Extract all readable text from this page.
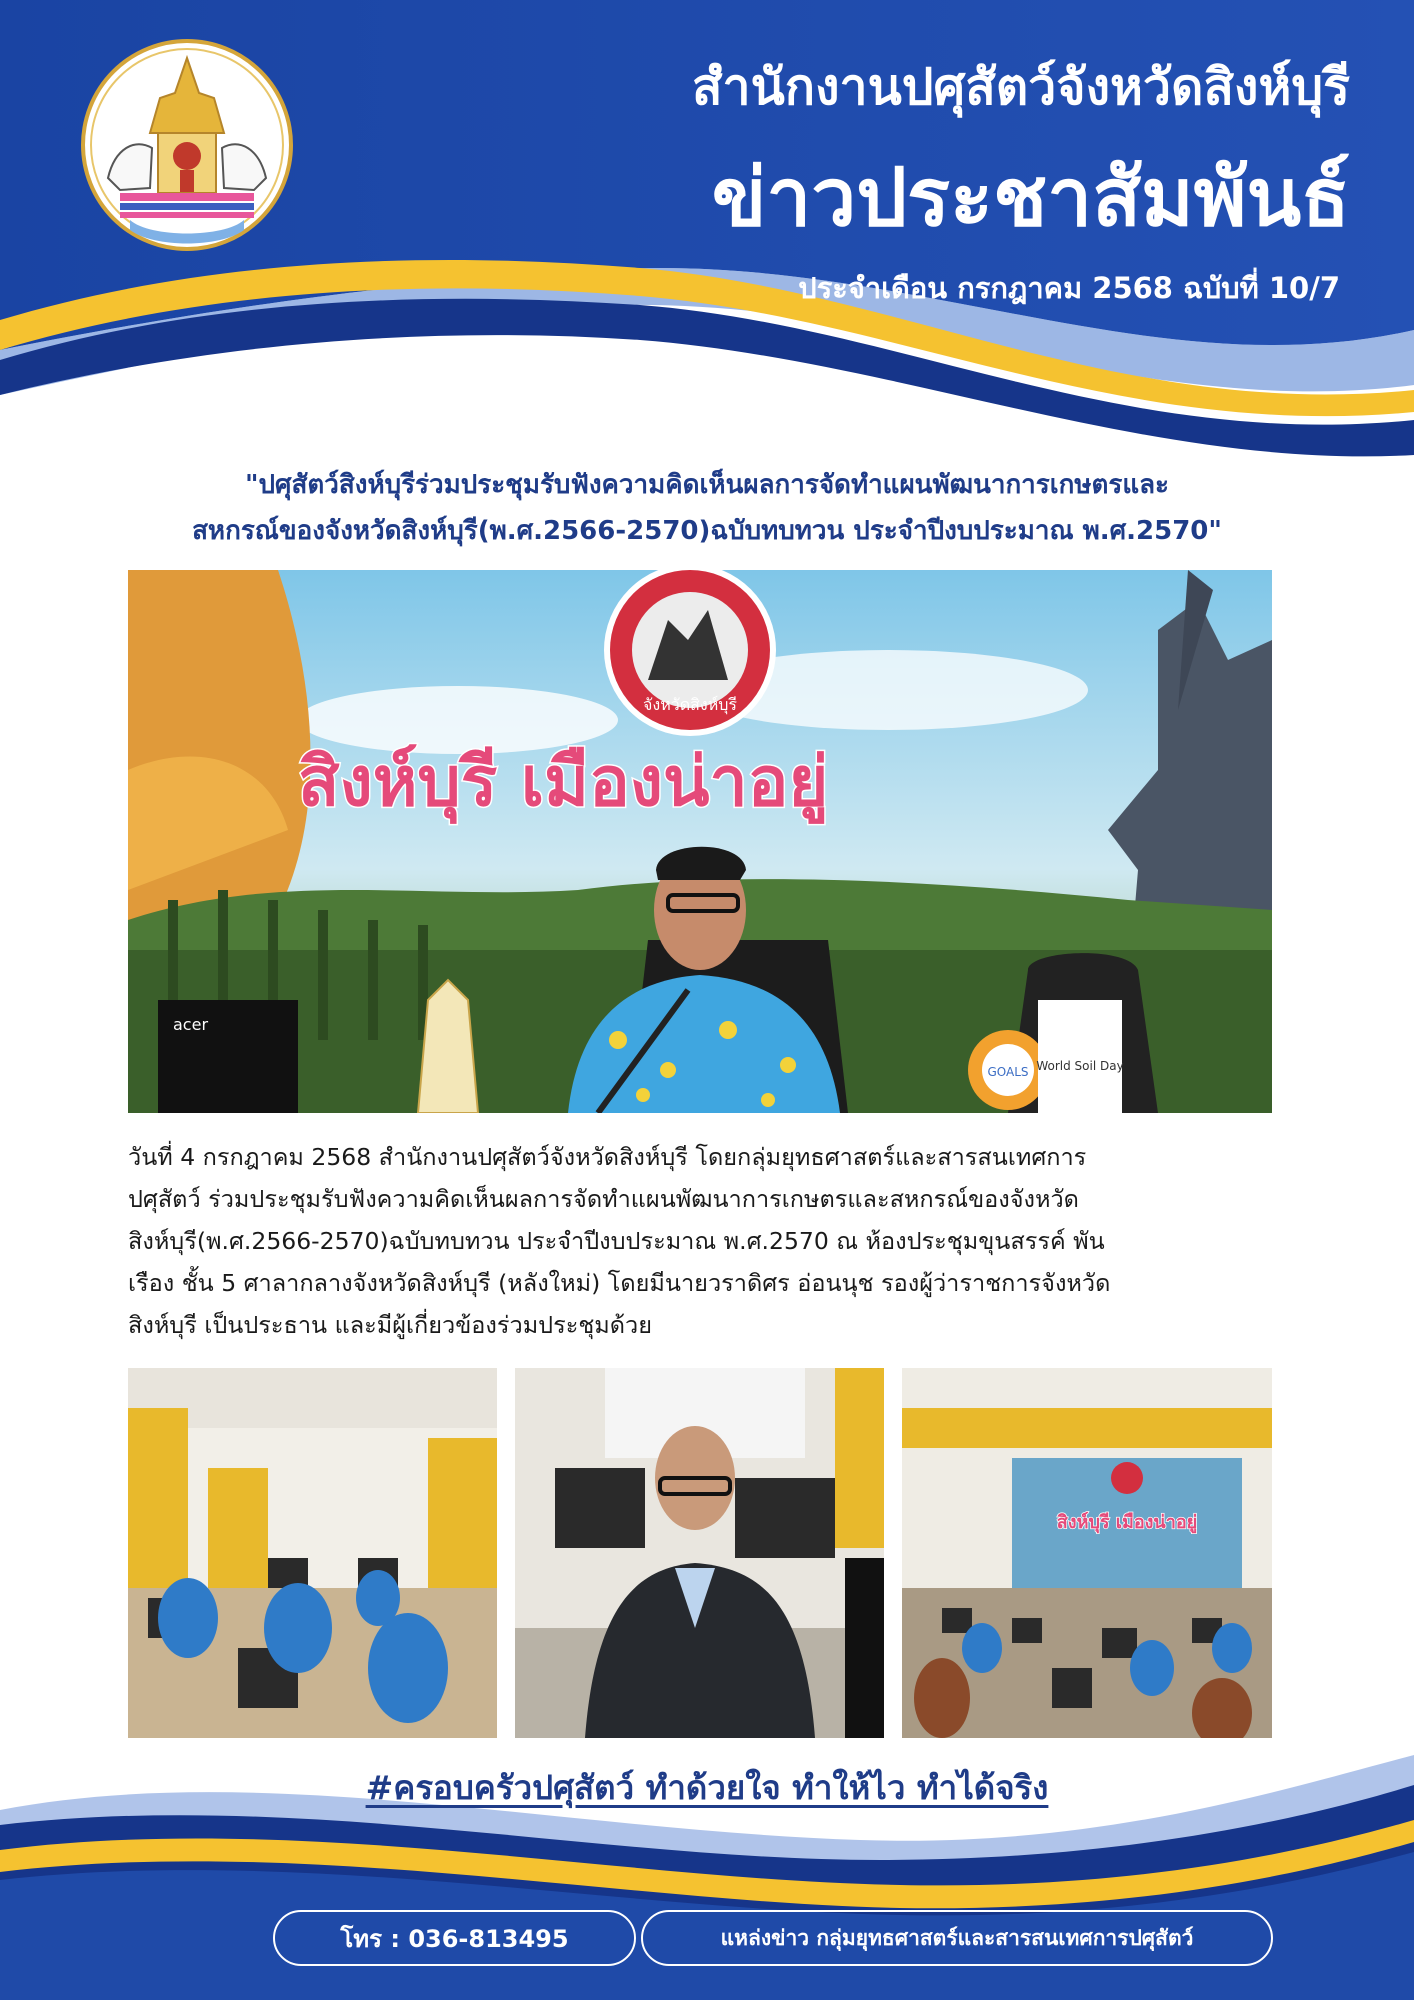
สำนักงานปศุสัตว์จังหวัดสิงห์บุรี
ข่าวประชาสัมพันธ์
ประจำเดือน กรกฎาคม 2568 ฉบับที่ 10/7
"ปศุสัตว์สิงห์บุรีร่วมประชุมรับฟังความคิดเห็นผลการจัดทำแผนพัฒนาการเกษตรและ
สหกรณ์ของจังหวัดสิงห์บุรี(พ.ศ.2566-2570)ฉบับทบทวน ประจำปีงบประมาณ พ.ศ.2570"
จังหวัดสิงห์บุรี
สิงห์บุรี เมืองน่าอยู่
acer
GOALS World Soil Day
วันที่ 4 กรกฎาคม 2568 สำนักงานปศุสัตว์จังหวัดสิงห์บุรี โดยกลุ่มยุทธศาสตร์และสารสนเทศการ
ปศุสัตว์ ร่วมประชุมรับฟังความคิดเห็นผลการจัดทำแผนพัฒนาการเกษตรและสหกรณ์ของจังหวัด
สิงห์บุรี(พ.ศ.2566-2570)ฉบับทบทวน ประจำปีงบประมาณ พ.ศ.2570 ณ ห้องประชุมขุนสรรค์ พัน
เรือง ชั้น 5 ศาลากลางจังหวัดสิงห์บุรี (หลังใหม่) โดยมีนายวราดิศร อ่อนนุช รองผู้ว่าราชการจังหวัด
สิงห์บุรี เป็นประธาน และมีผู้เกี่ยวข้องร่วมประชุมด้วย
สิงห์บุรี เมืองน่าอยู่
#ครอบครัวปศุสัตว์ ทำด้วยใจ ทำให้ไว ทำได้จริง
โทร : 036-813495	แหล่งข่าว กลุ่มยุทธศาสตร์และสารสนเทศการปศุสัตว์
